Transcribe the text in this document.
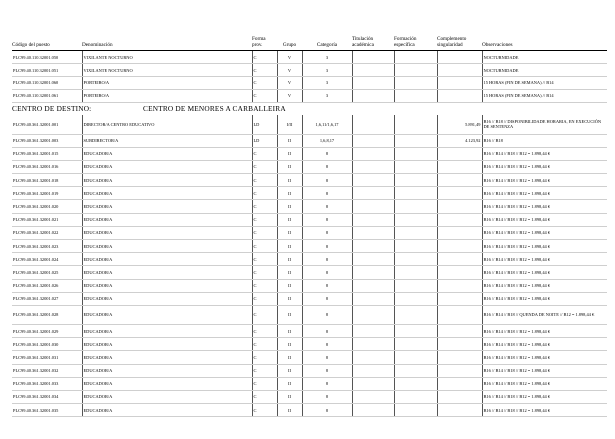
Código del puesto	Denominación	Forma prov.	Grupo	Categoría	Titulación académica	Formación específica	Complemento singularidad	Observaciones
PLC99.40.110.32001.050	VIXILANTE NOCTURNO	C	V	3				NOCTURNIDADE
PLC99.40.110.32001.051	VIXILANTE NOCTURNO	C	V	3				NOCTURNIDADE
PLC99.40.110.32001.060	PORTEIRO/A	C	V	3				15 HORAS (FIN DE SEMANA) // B14
PLC99.40.110.32001.061	PORTEIRO/A	C	V	3				15 HORAS (FIN DE SEMANA) // B14
CENTRO DE DESTINO:	CENTRO DE MENORES A CARBALLEIRA
PLC99.40.361.32001.001	DIRECTOR/A CENTRO EDUCATIVO	LD	I/II	1,6,11/1,6,17			5.891,49	B16 // B18 // DISPONIBILIDADE HORARIA, EN EXECUCIÓN DE SENTENZA
PLC99.40.361.32001.003	SUBDIRECTOR/A	LD	II	1,6,8,17			4.123,92	B16 // B18
PLC99.40.361.32001.015	EDUCADOR/A	C	II	8				B16 // B14 // B18 // B12 = 1.898,44 €
PLC99.40.361.32001.016	EDUCADOR/A	C	II	8				B16 // B14 // B18 // B12 = 1.898,44 €
PLC99.40.361.32001.018	EDUCADOR/A	C	II	8				B16 // B14 // B18 // B12 = 1.898,44 €
PLC99.40.361.32001.019	EDUCADOR/A	C	II	8				B16 // B14 // B18 // B12 = 1.898,44 €
PLC99.40.361.32001.020	EDUCADOR/A	C	II	8				B16 // B14 // B18 // B12 = 1.898,44 €
PLC99.40.361.32001.021	EDUCADOR/A	C	II	8				B16 // B14 // B18 // B12 = 1.898,44 €
PLC99.40.361.32001.022	EDUCADOR/A	C	II	8				B16 // B14 // B18 // B12 = 1.898,44 €
PLC99.40.361.32001.023	EDUCADOR/A	C	II	8				B16 // B14 // B18 // B12 = 1.898,44 €
PLC99.40.361.32001.024	EDUCADOR/A	C	II	8				B16 // B14 // B18 // B12 = 1.898,44 €
PLC99.40.361.32001.025	EDUCADOR/A	C	II	8				B16 // B14 // B18 // B12 = 1.898,44 €
PLC99.40.361.32001.026	EDUCADOR/A	C	II	8				B16 // B14 // B18 // B12 = 1.898,44 €
PLC99.40.361.32001.027	EDUCADOR/A	C	II	8				B16 // B14 // B18 // B12 = 1.898,44 €
PLC99.40.361.32001.028	EDUCADOR/A	C	II	8				B16 // B14 // B18 // QUENDA DE NOITE // B12 = 1.898,44 €
PLC99.40.361.32001.029	EDUCADOR/A	C	II	8				B16 // B14 // B18 // B12 = 1.898,44 €
PLC99.40.361.32001.030	EDUCADOR/A	C	II	8				B16 // B14 // B18 // B12 = 1.898,44 €
PLC99.40.361.32001.031	EDUCADOR/A	C	II	8				B16 // B14 // B18 // B12 = 1.898,44 €
PLC99.40.361.32001.032	EDUCADOR/A	C	II	8				B16 // B14 // B18 // B12 = 1.898,44 €
PLC99.40.361.32001.033	EDUCADOR/A	C	II	8				B16 // B14 // B18 // B12 = 1.898,44 €
PLC99.40.361.32001.034	EDUCADOR/A	C	II	8				B16 // B14 // B18 // B12 = 1.898,44 €
PLC99.40.361.32001.035	EDUCADOR/A	C	II	8				B16 // B14 // B18 // B12 = 1.898,44 €
